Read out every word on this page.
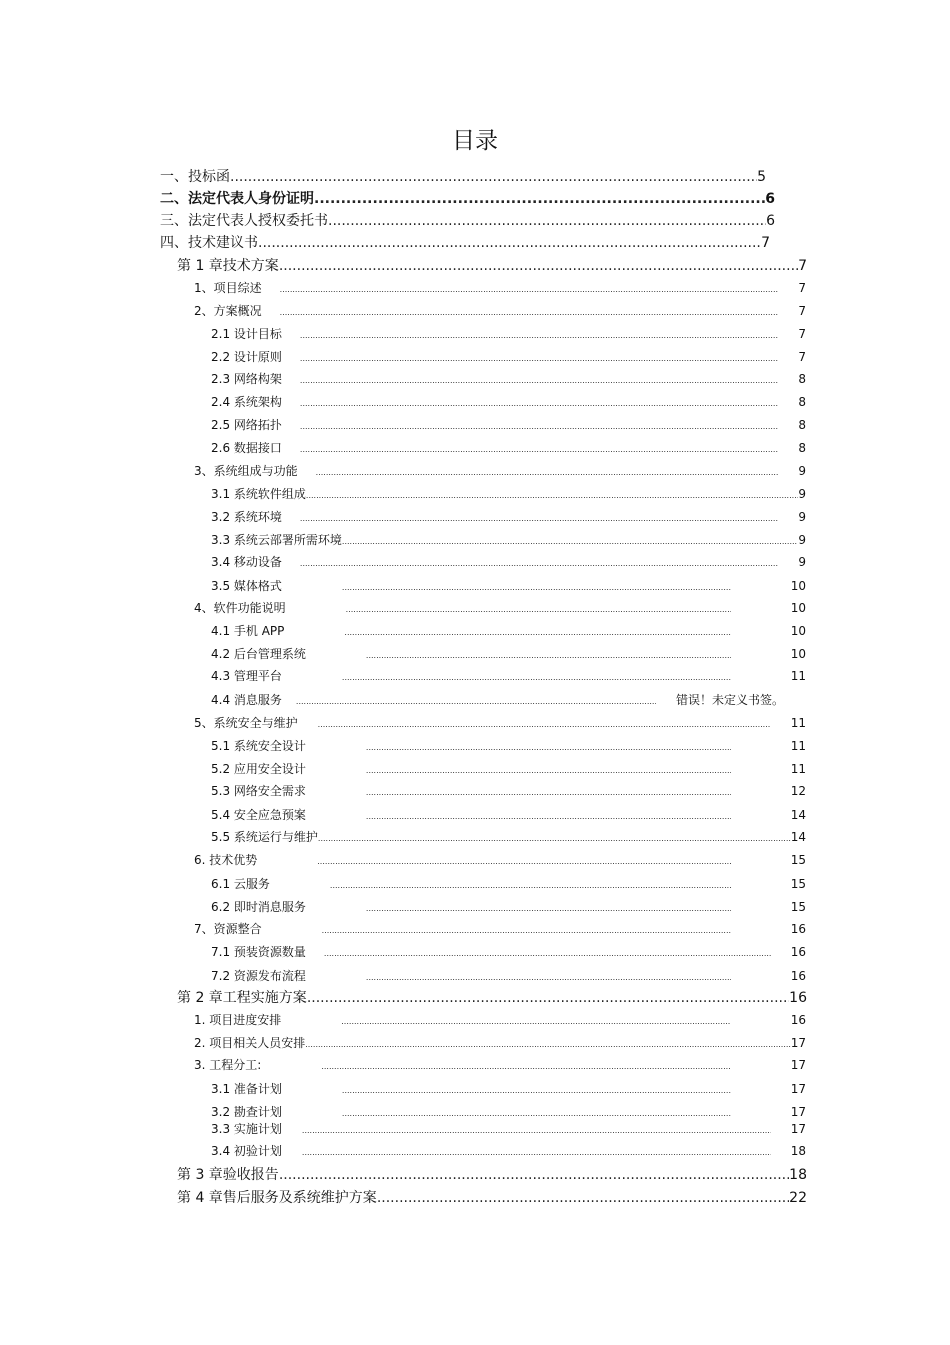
目录
一、投标函 .....	5
二、法定代表人身份证明 .....	6
三、法定代表人授权委托书 .....	6
四、技术建议书 .....	7
第 1 章技术方案 .....	7
1、项目综述 .....	7
2、方案概况 .....	7
2.1 设计目标 .....	7
2.2 设计原则 .....	7
2.3 网络构架 .....	8
2.4 系统架构 .....	8
2.5 网络拓扑 .....	8
2.6 数据接口 .....	8
3、系统组成与功能 .....	9
3.1 系统软件组成 .....	9
3.2 系统环境 .....	9
3.3 系统云部署所需环境 .....	9
3.4 移动设备 .....	9
3.5 媒体格式 .....	10
4、软件功能说明 .....	10
4.1 手机 APP .....	10
4.2 后台管理系统 .....	10
4.3 管理平台 .....	11
4.4 消息服务 .....	错误！未定义书签。
5、系统安全与维护 .....	11
5.1 系统安全设计 .....	11
5.2 应用安全设计 .....	11
5.3 网络安全需求 .....	12
5.4 安全应急预案 .....	14
5.5 系统运行与维护 .....	14
6. 技术优势 .....	15
6.1 云服务 .....	15
6.2 即时消息服务 .....	15
7、资源整合 .....	16
7.1 预装资源数量 .....	16
7.2 资源发布流程 .....	16
第 2 章工程实施方案 .....	16
1. 项目进度安排 .....	16
2. 项目相关人员安排 .....	17
3. 工程分工: .....	17
3.1 准备计划 .....	17
3.2 勘查计划 .....	17
3.3 实施计划 .....	17
3.4 初验计划 .....	18
第 3 章验收报告 .....	18
第 4 章售后服务及系统维护方案 .....	22
